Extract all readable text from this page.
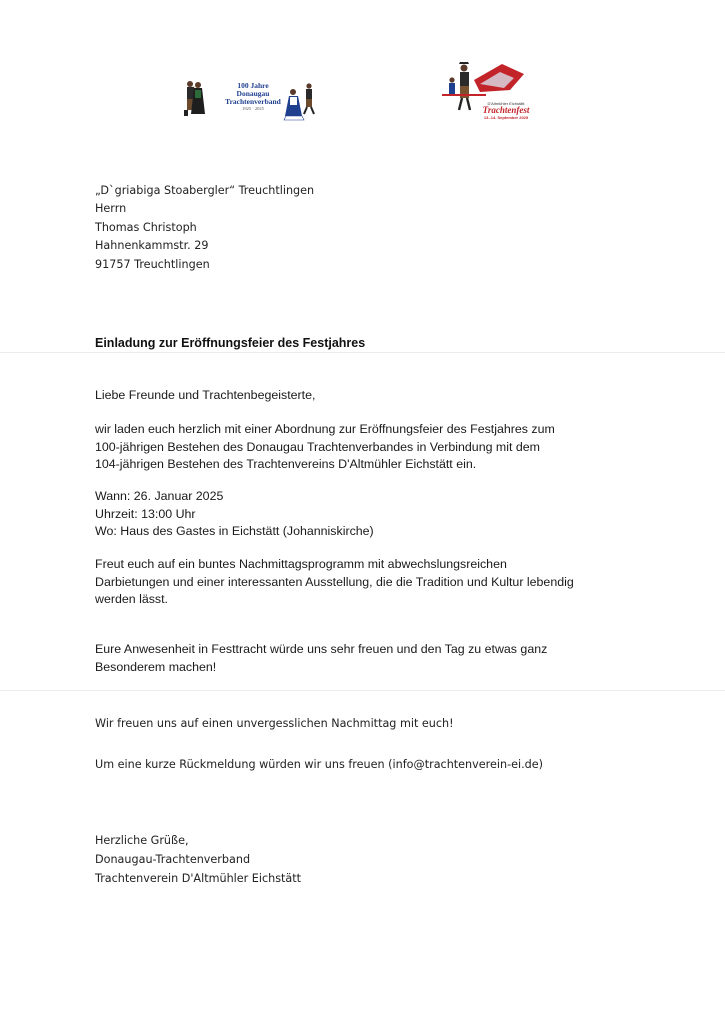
100 Jahre
Donaugau
Trachtenverband
1925 · 2025
D'Altmühler Eichstätt
Trachtenfest
13.-14. September 2025
„D`griabiga Stoabergler“ Treuchtlingen
Herrn
Thomas Christoph
Hahnenkammstr. 29
91757 Treuchtlingen
Einladung zur Eröffnungsfeier des Festjahres
Liebe Freunde und Trachtenbegeisterte,
wir laden euch herzlich mit einer Abordnung zur Eröffnungsfeier des Festjahres zum
100-jährigen Bestehen des Donaugau Trachtenverbandes in Verbindung mit dem
104-jährigen Bestehen des Trachtenvereins D'Altmühler Eichstätt ein.
Wann: 26. Januar 2025
Uhrzeit: 13:00 Uhr
Wo: Haus des Gastes in Eichstätt (Johanniskirche)
Freut euch auf ein buntes Nachmittagsprogramm mit abwechslungsreichen
Darbietungen und einer interessanten Ausstellung, die die Tradition und Kultur lebendig
werden lässt.
Eure Anwesenheit in Festtracht würde uns sehr freuen und den Tag zu etwas ganz
Besonderem machen!
Wir freuen uns auf einen unvergesslichen Nachmittag mit euch!
Um eine kurze Rückmeldung würden wir uns freuen (info@trachtenverein-ei.de)
Herzliche Grüße,
Donaugau-Trachtenverband
Trachtenverein D'Altmühler Eichstätt
